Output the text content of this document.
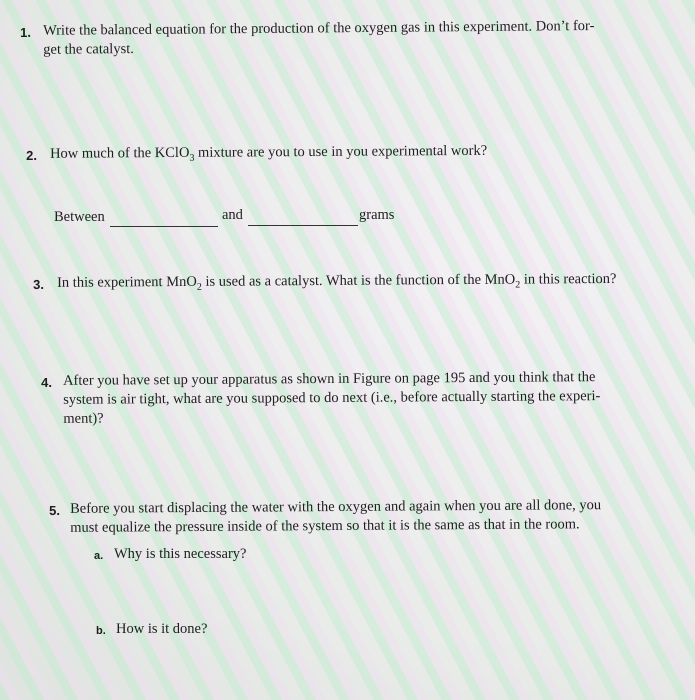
1. Write the balanced equation for the production of the oxygen gas in this experiment. Don’t for-
get the catalyst.
2. How much of the KClO$_3$ mixture are you to use in you experimental work?
Between	and	grams
3. In this experiment MnO$_2$ is used as a catalyst. What is the function of the MnO$_2$ in this reaction?
4. After you have set up your apparatus as shown in Figure on page 195 and you think that the
system is air tight, what are you supposed to do next (i.e., before actually starting the experi-
ment)?
5. Before you start displacing the water with the oxygen and again when you are all done, you
must equalize the pressure inside of the system so that it is the same as that in the room.
a. Why is this necessary?
b. How is it done?
